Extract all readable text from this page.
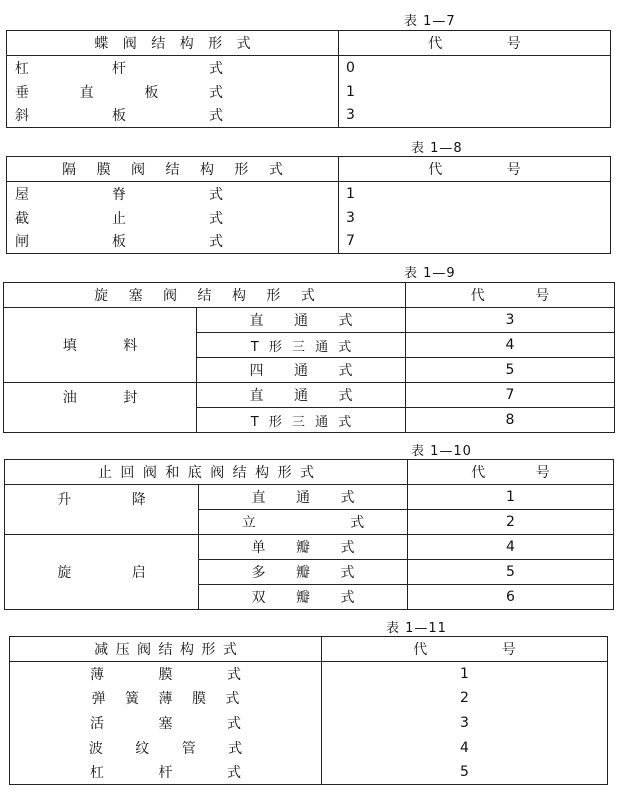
表 1—7
蝶 阀 结 构 形 式	代 号

杠 杆 式	0

垂 直 板 式	1

斜 板 式	3
表 1—8
隔 膜 阀 结 构 形 式	代 号

屋 脊 式	1

截 止 式	3

闸 板 式	7
表 1—9
旋 塞 阀 结 构 形 式		代 号
填 料	直 通 式	3
	T 形 三 通 式	4
	四 通 式	5
油 封	直 通 式	7
	T 形 三 通 式	8
表 1—10
止 回 阀 和 底 阀 结 构 形 式		代 号
升 降	直 通 式	1
	立 式	2
旋 启	单 瓣 式	4
	多 瓣 式	5
	双 瓣 式	6
表 1—11
减 压 阀 结 构 形 式	代 号
薄 膜 式	1
弹 簧 薄 膜 式	2
活 塞 式	3
波 纹 管 式	4
杠 杆 式	5
